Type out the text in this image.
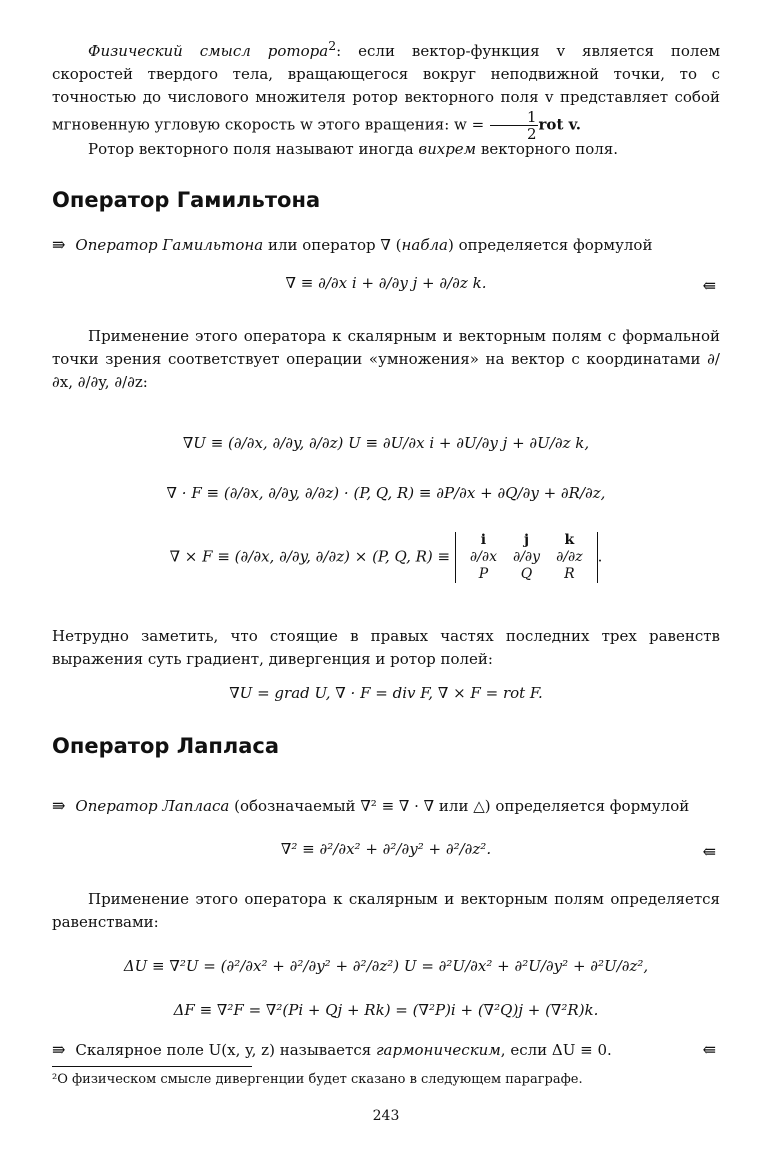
Физический смысл ротора$^2$: если вектор-функция v является полем скоростей твердого тела, вращающегося вокруг неподвижной точки, то с точностью до числового множителя ротор векторного поля v представляет собой мгновенную угловую скорость w этого вращения: $w = \frac{1}{2}$ rot v.

Ротор векторного поля называют иногда вихрем векторного поля.

Оператор Гамильтона

⇛ Оператор Гамильтона или оператор ∇ (набла) определяется формулой

∇ ≡ ∂/∂x i + ∂/∂y j + ∂/∂z k.	⇚

Применение этого оператора к скалярным и векторным полям с формальной точки зрения соответствует операции «умножения» на вектор с координатами ∂/∂x, ∂/∂y, ∂/∂z:

∇U ≡ (∂/∂x, ∂/∂y, ∂/∂z) U ≡ ∂U/∂x i + ∂U/∂y j + ∂U/∂z k,
∇ · F ≡ (∂/∂x, ∂/∂y, ∂/∂z) · (P, Q, R) ≡ ∂P/∂x + ∂Q/∂y + ∂R/∂z,
∇ × F ≡ (∂/∂x, ∂/∂y, ∂/∂z) × (P, Q, R) ≡
i	j	k
∂/∂x	∂/∂y	∂/∂z
P	Q	R
.

Нетрудно заметить, что стоящие в правых частях последних трех равенств выражения суть градиент, дивергенция и ротор полей:

∇U = grad U, ∇ · F = div F, ∇ × F = rot F.
Оператор Лапласа

⇛ Оператор Лапласа (обозначаемый ∇² ≡ ∇ · ∇ или △) определяется формулой

∇² ≡ ∂²/∂x² + ∂²/∂y² + ∂²/∂z².	⇚

Применение этого оператора к скалярным и векторным полям определяется равенствами:

ΔU ≡ ∇²U = (∂²/∂x² + ∂²/∂y² + ∂²/∂z²) U = ∂²U/∂x² + ∂²U/∂y² + ∂²U/∂z²,
ΔF ≡ ∇²F = ∇²(Pi + Qj + Rk) = (∇²P)i + (∇²Q)j + (∇²R)k.

⇛ Скалярное поле U(x, y, z) называется гармоническим, если ΔU ≡ 0.	⇚
²О физическом смысле дивергенции будет сказано в следующем параграфе.
243
